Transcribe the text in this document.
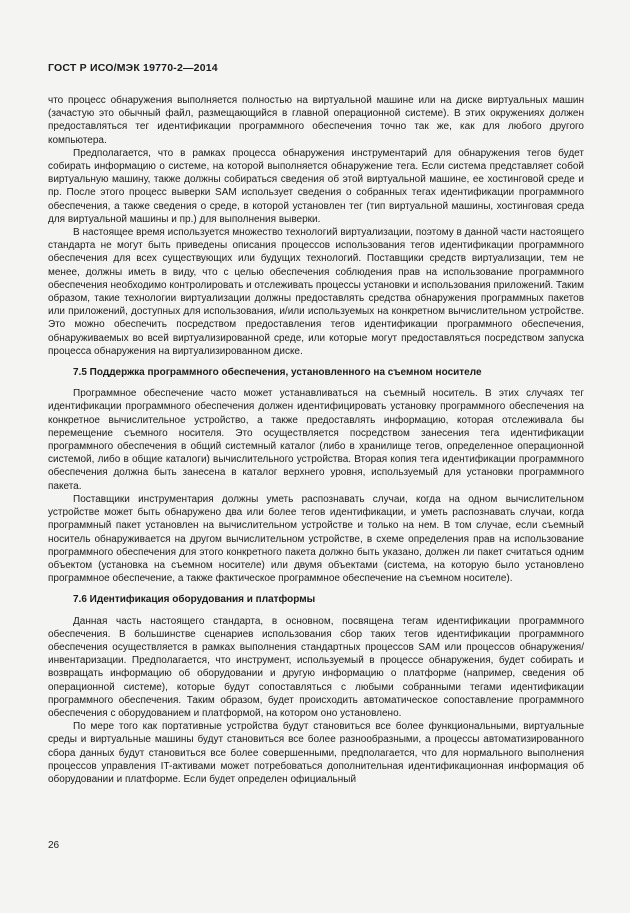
ГОСТ Р ИСО/МЭК 19770-2—2014

что процесс обнаружения выполняется полностью на виртуальной машине или на диске виртуальных машин (зачастую это обычный файл, размещающийся в главной операционной системе). В этих окружениях должен предоставляться тег идентификации программного обеспечения точно так же, как для любого другого компьютера.

Предполагается, что в рамках процесса обнаружения инструментарий для обнаружения тегов будет собирать информацию о системе, на которой выполняется обнаружение тега. Если система представляет собой виртуальную машину, также должны собираться сведения об этой виртуальной машине, ее хостинговой среде и пр. После этого процесс выверки SAM использует сведения о собранных тегах идентификации программного обеспечения, а также сведения о среде, в которой установлен тег (тип виртуальной машины, хостинговая среда для виртуальной машины и пр.) для выполнения выверки.

В настоящее время используется множество технологий виртуализации, поэтому в данной части настоящего стандарта не могут быть приведены описания процессов использования тегов идентификации программного обеспечения для всех существующих или будущих технологий. Поставщики средств виртуализации, тем не менее, должны иметь в виду, что с целью обеспечения соблюдения прав на использование программного обеспечения необходимо контролировать и отслеживать процессы установки и использования приложений. Таким образом, такие технологии виртуализации должны предоставлять средства обнаружения программных пакетов или приложений, доступных для использования, и/или используемых на конкретном вычислительном устройстве. Это можно обеспечить посредством предоставления тегов идентификации программного обеспечения, обнаруживаемых во всей виртуализированной среде, или которые могут предоставляться посредством запуска процесса обнаружения на виртуализированном диске.

7.5 Поддержка программного обеспечения, установленного на съемном носителе

Программное обеспечение часто может устанавливаться на съемный носитель. В этих случаях тег идентификации программного обеспечения должен идентифицировать установку программного обеспечения на конкретное вычислительное устройство, а также предоставлять информацию, которая отслеживала бы перемещение съемного носителя. Это осуществляется посредством занесения тега идентификации программного обеспечения в общий системный каталог (либо в хранилище тегов, определенное операционной системой, либо в общие каталоги) вычислительного устройства. Вторая копия тега идентификации программного обеспечения должна быть занесена в каталог верхнего уровня, используемый для установки программного пакета.

Поставщики инструментария должны уметь распознавать случаи, когда на одном вычислительном устройстве может быть обнаружено два или более тегов идентификации, и уметь распознавать случаи, когда программный пакет установлен на вычислительном устройстве и только на нем. В том случае, если съемный носитель обнаруживается на другом вычислительном устройстве, в схеме определения прав на использование программного обеспечения для этого конкретного пакета должно быть указано, должен ли пакет считаться одним объектом (установка на съемном носителе) или двумя объектами (система, на которую было установлено программное обеспечение, а также фактическое программное обеспечение на съемном носителе).

7.6 Идентификация оборудования и платформы

Данная часть настоящего стандарта, в основном, посвящена тегам идентификации программного обеспечения. В большинстве сценариев использования сбор таких тегов идентификации программного обеспечения осуществляется в рамках выполнения стандартных процессов SAM или процессов обнаружения/инвентаризации. Предполагается, что инструмент, используемый в процессе обнаружения, будет собирать и возвращать информацию об оборудовании и другую информацию о платформе (например, сведения об операционной системе), которые будут сопоставляться с любыми собранными тегами идентификации программного обеспечения. Таким образом, будет происходить автоматическое сопоставление программного обеспечения с оборудованием и платформой, на котором оно установлено.

По мере того как портативные устройства будут становиться все более функциональными, виртуальные среды и виртуальные машины будут становиться все более разнообразными, а процессы автоматизированного сбора данных будут становиться все более совершенными, предполагается, что для нормального выполнения процессов управления IT-активами может потребоваться дополнительная идентификационная информация об оборудовании и платформе. Если будет определен официальный

26
